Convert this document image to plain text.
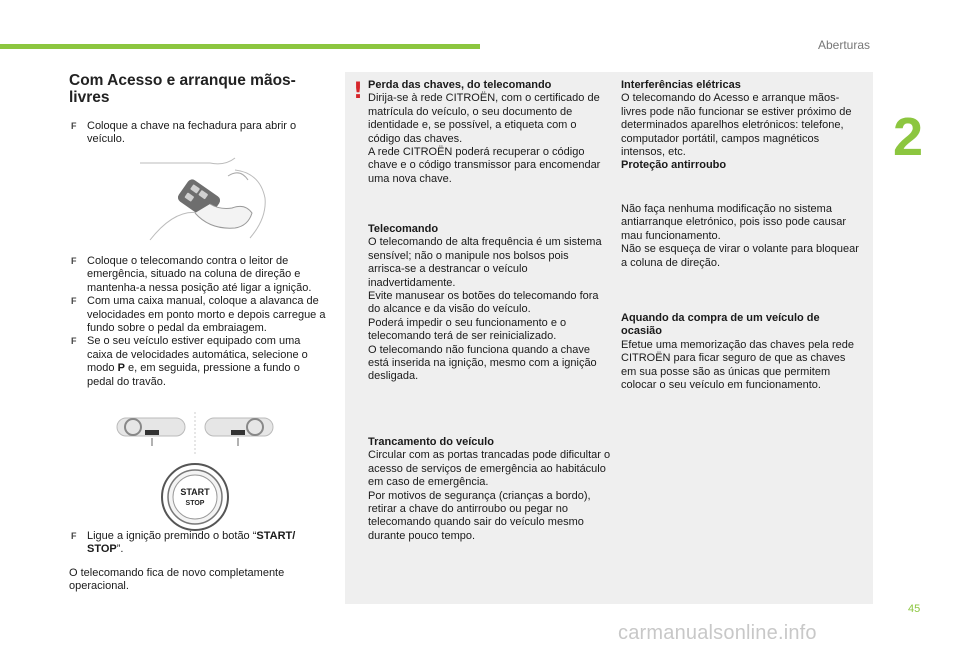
Aberturas
2
Com Acesso e arranque mãos-livres

F Coloque a chave na fechadura para abrir o veículo.

F Coloque o telecomando contra o leitor de emergência, situado na coluna de direção e mantenha-a nessa posição até ligar a ignição.

F Com uma caixa manual, coloque a alavanca de velocidades em ponto morto e depois carregue a fundo sobre o pedal da embraiagem.

F Se o seu veículo estiver equipado com uma caixa de velocidades automática, selecione o modo P e, em seguida, pressione a fundo o pedal do travão.

START
STOP

F Ligue a ignição premindo o botão “START/ STOP”.

O telecomando fica de novo completamente operacional.
! Perda das chaves, do telecomando

Dirija-se à rede CITROËN, com o certificado de matrícula do veículo, o seu documento de identidade e, se possível, a etiqueta com o código das chaves.

A rede CITROËN poderá recuperar o código chave e o código transmissor para encomendar uma nova chave.

Telecomando

O telecomando de alta frequência é um sistema sensível; não o manipule nos bolsos pois arrisca-se a destrancar o veículo inadvertidamente.

Evite manusear os botões do telecomando fora do alcance e da visão do veículo.

Poderá impedir o seu funcionamento e o telecomando terá de ser reinicializado.

O telecomando não funciona quando a chave está inserida na ignição, mesmo com a ignição desligada.

Trancamento do veículo

Circular com as portas trancadas pode dificultar o acesso de serviços de emergência ao habitáculo em caso de emergência.

Por motivos de segurança (crianças a bordo), retirar a chave do antirroubo ou pegar no telecomando quando sair do veículo mesmo durante pouco tempo.

Interferências elétricas

O telecomando do Acesso e arranque mãos-livres pode não funcionar se estiver próximo de determinados aparelhos eletrónicos: telefone, computador portátil, campos magnéticos intensos, etc.

Proteção antirroubo

Não faça nenhuma modificação no sistema antiarranque eletrónico, pois isso pode causar mau funcionamento.

Não se esqueça de virar o volante para bloquear a coluna de direção.

Aquando da compra de um veículo de ocasião

Efetue uma memorização das chaves pela rede CITROËN para ficar seguro de que as chaves em sua posse são as únicas que permitem colocar o seu veículo em funcionamento.

45
carmanualsonline.info
